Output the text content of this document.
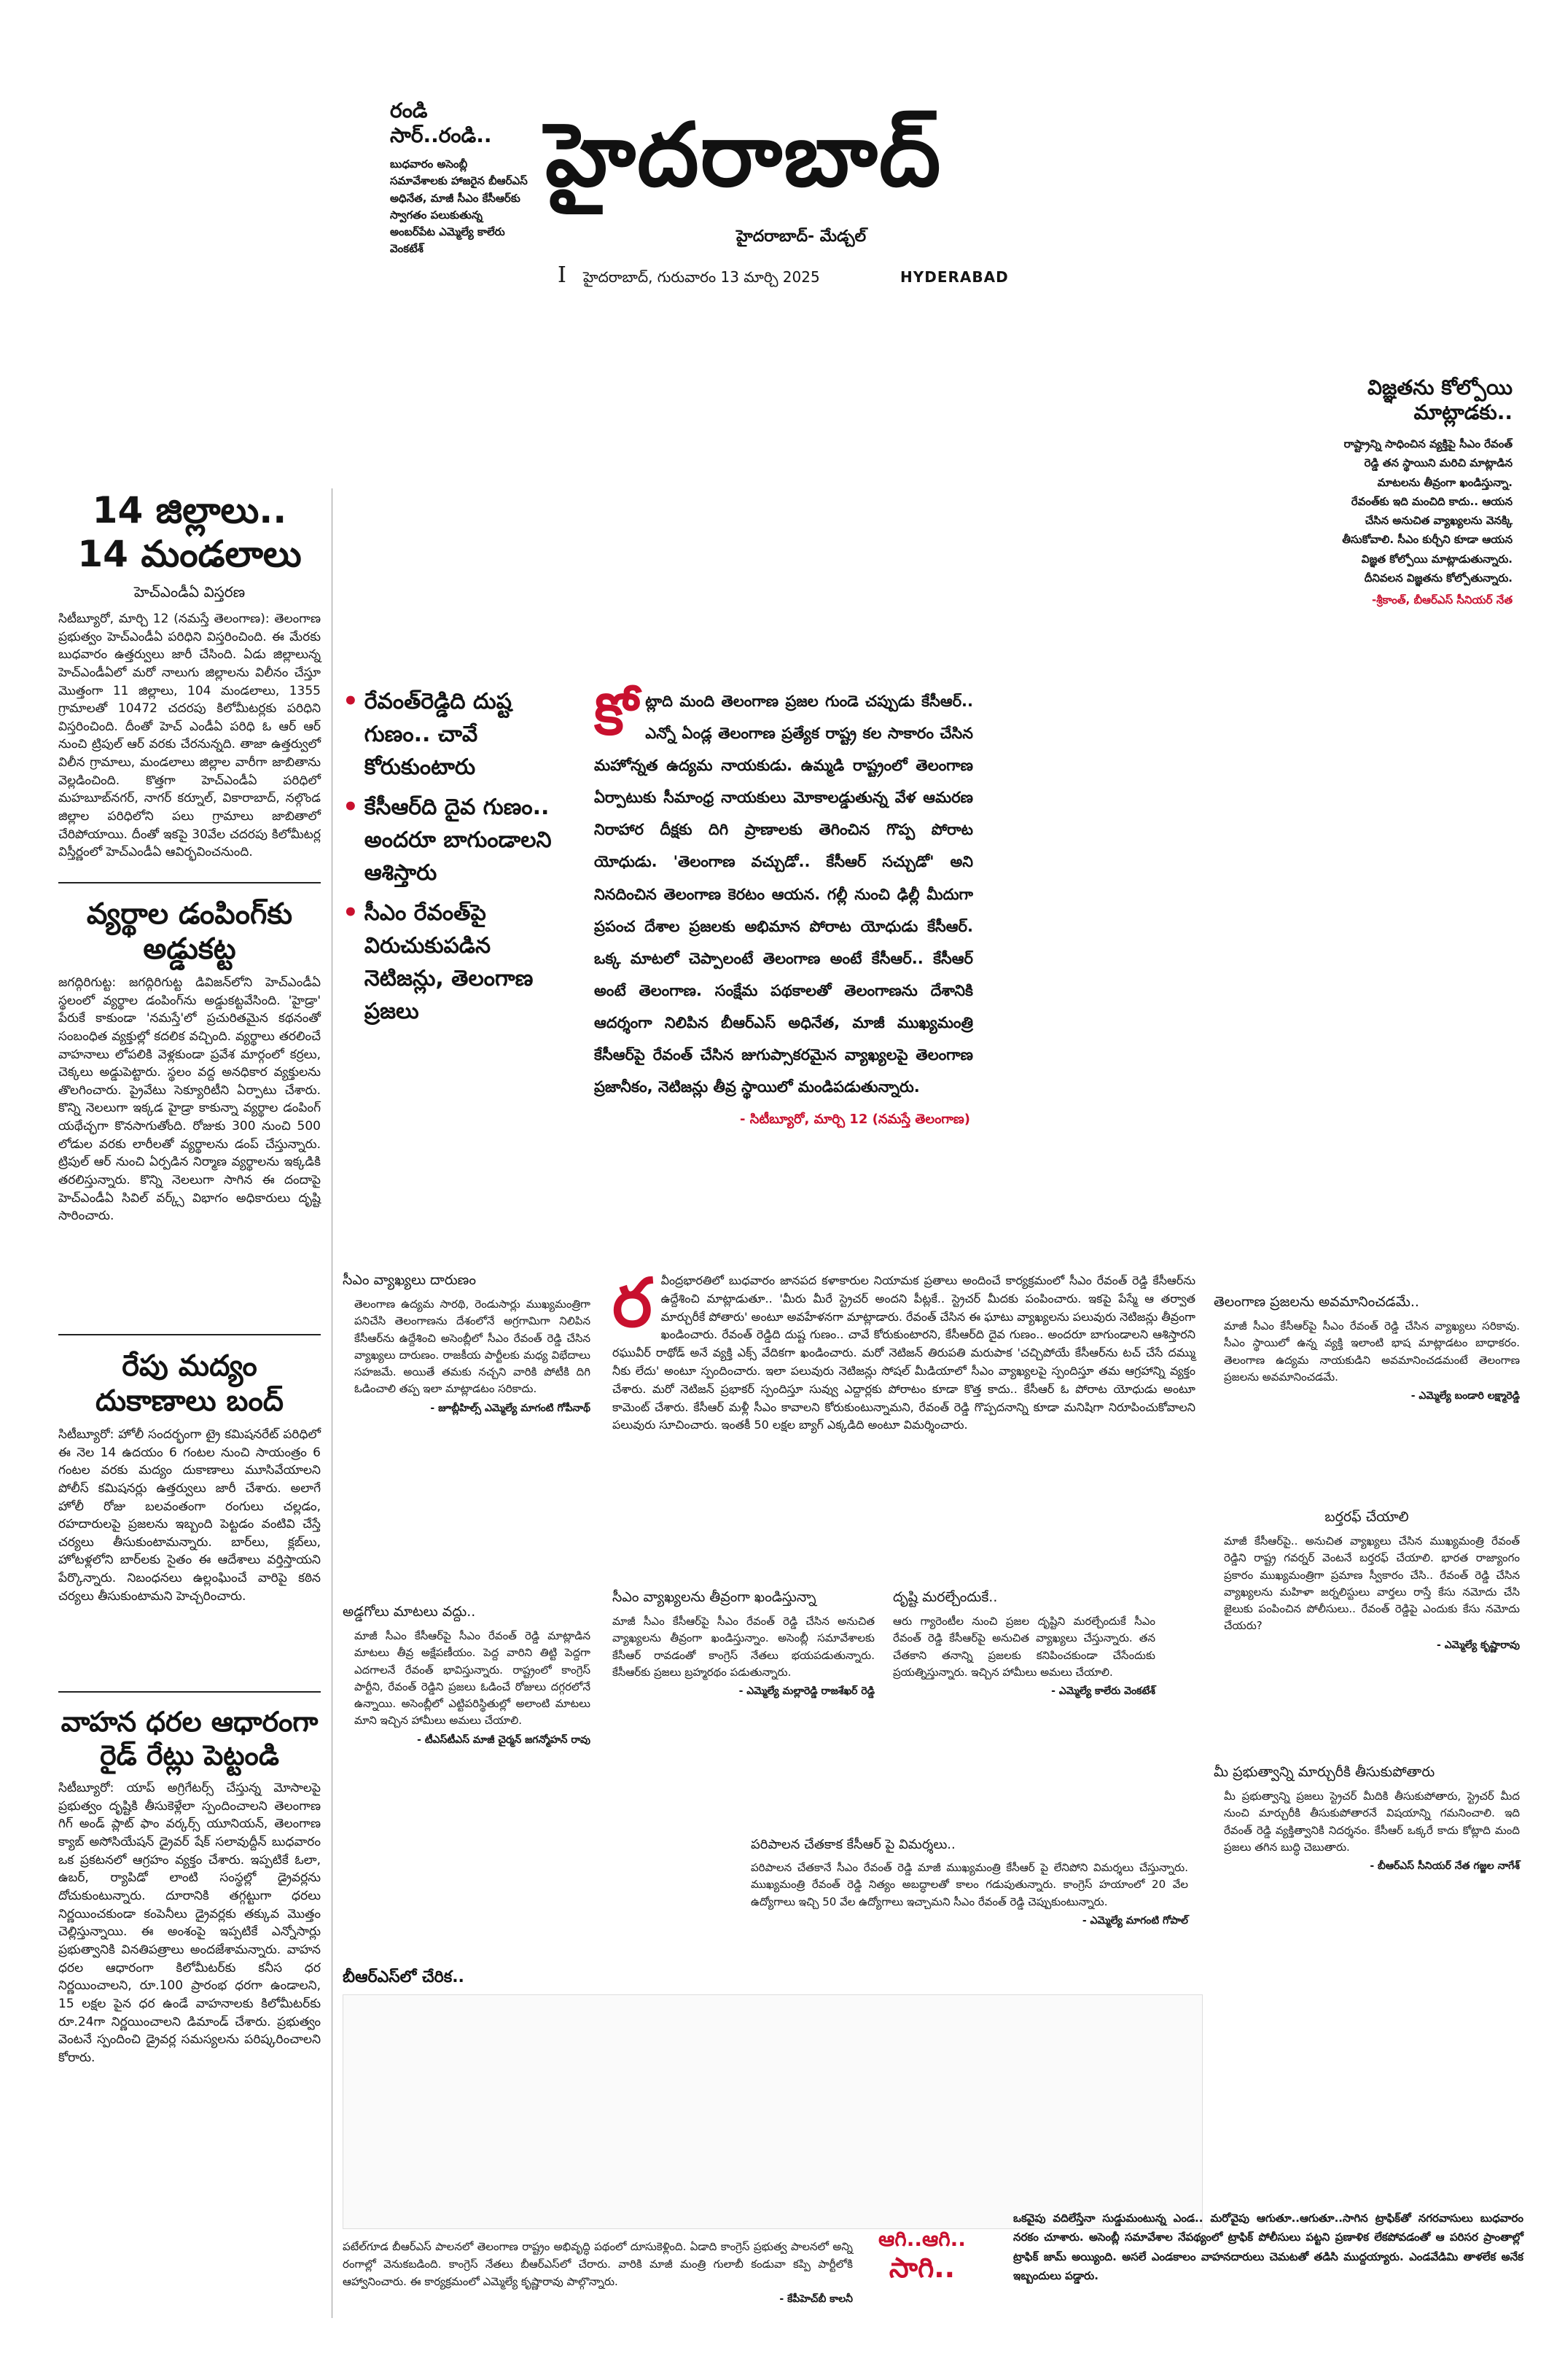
రండి
సార్..రండి..
బుధవారం అసెంబ్లీ సమావేశాలకు హాజరైన బీఆర్‌ఎస్‌ అధినేత, మాజీ సీఎం కేసీఆర్‌కు స్వాగతం పలుకుతున్న అంబర్‌పేట ఎమ్మెల్యే కాలేరు వెంకటేశ్‌
హైదరాబాద్
హైదరాబాద్- మేడ్చల్
I హైదరాబాద్, గురువారం 13 మార్చి 2025	HYDERABAD
విజ్ఞతను కోల్పోయి
మాట్లాడకు..
రాష్ట్రాన్ని సాధించిన వ్యక్తిపై సీఎం రేవంత్ రెడ్డి తన స్థాయిని మరిచి మాట్లాడిన మాటలను తీవ్రంగా ఖండిస్తున్నా. రేవంత్‌కు ఇది మంచిది కాదు.. ఆయన చేసిన అనుచిత వ్యాఖ్యలను వెనక్కి తీసుకోవాలి. సీఎం కుర్చీని కూడా ఆయన విజ్ఞత కోల్పోయి మాట్లాడుతున్నారు. దీనివలన విజ్ఞతను కోల్పోతున్నారు.
-శ్రీకాంత్, బీఆర్ఎస్ సీనియర్ నేత
14 జిల్లాలు..
14 మండలాలు
హెచ్ఎండీఏ విస్తరణ
సిటీబ్యూరో, మార్చి 12 (నమస్తే తెలంగాణ): తెలంగాణ ప్రభుత్వం హెచ్ఎండీఏ పరిధిని విస్తరించింది. ఈ మేరకు బుధవారం ఉత్తర్వులు జారీ చేసింది. ఏడు జిల్లాలున్న హెచ్ఎండీఏలో మరో నాలుగు జిల్లాలను విలీనం చేస్తూ మొత్తంగా 11 జిల్లాలు, 104 మండలాలు, 1355 గ్రామాలతో 10472 చదరపు కిలోమీటర్లకు పరిధిని విస్తరించింది. దీంతో హెచ్ ఎండీఏ పరిధి ఓ ఆర్ ఆర్ నుంచి ట్రిపుల్ ఆర్ వరకు చేరనున్నది. తాజా ఉత్తర్వులో విలీన గ్రామాలు, మండలాలు జిల్లాల వారీగా జాబితాను వెల్లడించింది. కొత్తగా హెచ్ఎండీఏ పరిధిలో మహబూబ్‌నగర్, నాగర్ కర్నూల్, వికారాబాద్, నల్గొండ జిల్లాల పరిధిలోని పలు గ్రామాలు జాబితాలో చేరిపోయాయి. దీంతో ఇకపై 30వేల చదరపు కిలోమీటర్ల విస్తీర్ణంలో హెచ్ఎండీఏ ఆవిర్భవించనుంది.
వ్యర్థాల డంపింగ్‌కు
అడ్డుకట్ట
జగద్గిరిగుట్ట: జగద్గిరిగుట్ట డివిజన్‌లోని హెచ్ఎండీఏ స్థలంలో వ్యర్థాల డంపింగ్‌ను అడ్డుకట్టవేసింది. 'హైడ్రా' పేరుకే కాకుండా 'నమస్తే'లో ప్రచురితమైన కథనంతో సంబంధిత వ్యక్తుల్లో కదలిక వచ్చింది. వ్యర్థాలు తరలించే వాహనాలు లోపలికి వెళ్లకుండా ప్రవేశ మార్గంలో కర్రలు, చెక్కలు అడ్డుపెట్టారు. స్థలం వద్ద అనధికార వ్యక్తులను తొలగించారు. ప్రైవేటు సెక్యూరిటీని ఏర్పాటు చేశారు. కొన్ని నెలలుగా ఇక్కడ హైడ్రా కాకున్నా వ్యర్థాల డంపింగ్ యథేచ్ఛగా కొనసాగుతోంది. రోజుకు 300 నుంచి 500 లోడుల వరకు లారీలతో వ్యర్థాలను డంప్ చేస్తున్నారు. ట్రిపుల్ ఆర్ నుంచి ఏర్పడిన నిర్మాణ వ్యర్థాలను ఇక్కడికి తరలిస్తున్నారు. కొన్ని నెలలుగా సాగిన ఈ దందాపై హెచ్ఎండీఏ సివిల్ వర్క్స్ విభాగం అధికారులు దృష్టి సారించారు.
రేపు మద్యం
దుకాణాలు బంద్
సిటీబ్యూరో: హోలీ సందర్భంగా ట్రై కమిషనరేట్ పరిధిలో ఈ నెల 14 ఉదయం 6 గంటల నుంచి సాయంత్రం 6 గంటల వరకు మద్యం దుకాణాలు మూసివేయాలని పోలీస్ కమిషనర్లు ఉత్తర్వులు జారీ చేశారు. అలాగే హోలీ రోజు బలవంతంగా రంగులు చల్లడం, రహదారులపై ప్రజలను ఇబ్బంది పెట్టడం వంటివి చేస్తే చర్యలు తీసుకుంటామన్నారు. బార్‌లు, క్లబ్‌లు, హోటళ్ల‌లోని బార్‌లకు సైతం ఈ ఆదేశాలు వర్తిస్తాయని పేర్కొన్నారు. నిబంధనలు ఉల్లంఘించే వారిపై కఠిన చర్యలు తీసుకుంటామని హెచ్చరించారు.
వాహన ధరల ఆధారంగా
రైడ్ రేట్లు పెట్టండి
సిటీబ్యూరో: యాప్ అగ్రిగేటర్స్ చేస్తున్న మోసాలపై ప్రభుత్వం దృష్టికి తీసుకెళ్లేలా స్పందించాలని తెలంగాణ గిగ్ అండ్ ప్లాట్ ఫాం వర్కర్స్ యూనియన్, తెలంగాణ క్యాబ్ అసోసియేషన్ డ్రైవర్ షేక్ సలావుద్దీన్ బుధవారం ఒక ప్రకటనలో ఆగ్రహం వ్యక్తం చేశారు. ఇప్పటికే ఓలా, ఉబర్, ర్యాపిడో లాంటి సంస్థల్లో డ్రైవర్లను దోచుకుంటున్నారు. దూరానికి తగ్గట్టుగా ధరలు నిర్ణయించకుండా కంపెనీలు డ్రైవర్లకు తక్కువ మొత్తం చెల్లిస్తున్నాయి. ఈ అంశంపై ఇప్పటికే ఎన్నోసార్లు ప్రభుత్వానికి వినతిపత్రాలు అందజేశామన్నారు. వాహన ధరల ఆధారంగా కిలోమీటర్‌కు కనీస ధర నిర్ణయించాలని, రూ.100 ప్రారంభ ధరగా ఉండాలని, 15 లక్షల పైన ధర ఉండే వాహనాలకు కిలోమీటర్‌కు రూ.24గా నిర్ణయించాలని డిమాండ్ చేశారు. ప్రభుత్వం వెంటనే స్పందించి డ్రైవర్ల సమస్యలను పరిష్కరించాలని కోరారు.
• రేవంత్‌రెడ్డిది దుష్ట గుణం.. చావే కోరుకుంటారు
• కేసీఆర్‌ది దైవ గుణం.. అందరూ బాగుండాలని ఆశిస్తారు
• సీఎం రేవంత్‌పై విరుచుకుపడిన నెటిజన్లు, తెలంగాణ ప్రజలు
కో ట్లాది మంది తెలంగాణ ప్రజల గుండె చప్పుడు కేసీఆర్.. ఎన్నో ఏండ్ల తెలంగాణ ప్రత్యేక రాష్ట్ర కల సాకారం చేసిన మహోన్నత ఉద్యమ నాయకుడు. ఉమ్మడి రాష్ట్రంలో తెలంగాణ ఏర్పాటుకు సీమాంధ్ర నాయకులు మోకాలడ్డుతున్న వేళ ఆమరణ నిరాహార దీక్షకు దిగి ప్రాణాలకు తెగించిన గొప్ప పోరాట యోధుడు. 'తెలంగాణ వచ్చుడో.. కేసీఆర్ సచ్చుడో' అని నినదించిన తెలంగాణ కెరటం ఆయన. గల్లీ నుంచి ఢిల్లీ మీదుగా ప్రపంచ దేశాల ప్రజలకు అభిమాన పోరాట యోధుడు కేసీఆర్. ఒక్క మాటలో చెప్పాలంటే తెలంగాణ అంటే కేసీఆర్.. కేసీఆర్ అంటే తెలంగాణ. సంక్షేమ పథకాలతో తెలంగాణను దేశానికి ఆదర్శంగా నిలిపిన బీఆర్ఎస్ అధినేత, మాజీ ముఖ్యమంత్రి కేసీఆర్‌పై రేవంత్ చేసిన జుగుప్సాకరమైన వ్యాఖ్యలపై తెలంగాణ ప్రజానీకం, నెటిజన్లు తీవ్ర స్థాయిలో మండిపడుతున్నారు.
- సిటీబ్యూరో, మార్చి 12 (నమస్తే తెలంగాణ)
ర వీంద్రభారతిలో బుధవారం జానపద కళాకారుల నియామక ప్రతాలు అందించే కార్యక్రమంలో సీఎం రేవంత్ రెడ్డి కేసీఆర్‌ను ఉద్దేశించి మాట్లాడుతూ.. 'మీరు మీరే స్ట్రెచర్ అందని పీట్లకే.. స్ట్రెచర్ మీదకు పంపించారు. ఇకపై పేస్మే ఆ తర్వాత మార్చురీకే పోతారు' అంటూ అవహేళనగా మాట్లాడారు. రేవంత్ చేసిన ఈ ఘాటు వ్యాఖ్యలను పలువురు నెటిజన్లు తీవ్రంగా ఖండించారు. రేవంత్ రెడ్డిది దుష్ట గుణం.. చావే కోరుకుంటారని, కేసీఆర్‌ది దైవ గుణం.. అందరూ బాగుండాలని ఆశిస్తారని రఘువీర్ రాథోడ్ అనే వ్యక్తి ఎక్స్ వేదికగా ఖండించారు. మరో నెటిజన్ తిరుపతి మరుపాక 'చచ్చిపోయే కేసీఆర్‌ను టచ్ చేసే దమ్ము నీకు లేదు' అంటూ స్పందించారు. ఇలా పలువురు నెటిజన్లు సోషల్ మీడియాలో సీఎం వ్యాఖ్యలపై స్పందిస్తూ తమ ఆగ్రహాన్ని వ్యక్తం చేశారు. మరో నెటిజన్ ప్రభాకర్ స్పందిస్తూ సువ్వు ఎద్దార్లకు పోరాటం కూడా కొత్త కాదు.. కేసీఆర్ ఓ పోరాట యోధుడు అంటూ కామెంట్ చేశారు. కేసీఆర్ మళ్లీ సీఎం కావాలని కోరుకుంటున్నామని, రేవంత్ రెడ్డి గొప్పదనాన్ని కూడా మనిషిగా నిరూపించుకోవాలని పలువురు సూచించారు. ఇంతకీ 50 లక్షల బ్యాగ్ ఎక్కడిది అంటూ విమర్శించారు.
సీఎం వ్యాఖ్యలు దారుణం
తెలంగాణ ఉద్యమ సారథి, రెండుసార్లు ముఖ్యమంత్రిగా పనిచేసి తెలంగాణను దేశంలోనే అగ్రగామిగా నిలిపిన కేసీఆర్‌ను ఉద్దేశించి అసెంబ్లీలో సీఎం రేవంత్ రెడ్డి చేసిన వ్యాఖ్యలు దారుణం. రాజకీయ పార్టీలకు మధ్య విభేదాలు సహజమే. అయితే తమకు నచ్చని వారికి పోటీకి దిగి ఓడించాలి తప్ప ఇలా మాట్లాడటం సరికాదు.
- జూబ్లీహిల్స్ ఎమ్మెల్యే మాగంటి గోపీనాథ్
అడ్డగోలు మాటలు వద్దు..
మాజీ సీఎం కేసీఆర్‌పై సీఎం రేవంత్ రెడ్డి మాట్లాడిన మాటలు తీవ్ర అక్షేపణీయం. పెద్ద వారిని తిట్టి పెద్దగా ఎదగాలనే రేవంత్ భావిస్తున్నారు. రాష్ట్రంలో కాంగ్రెస్ పార్టీని, రేవంత్ రెడ్డిని ప్రజలు ఓడించే రోజులు దగ్గరలోనే ఉన్నాయి. అసెంబ్లీలో ఎట్టిపరిస్థితుల్లో అలాంటి మాటలు మాని ఇచ్చిన హామీలు అమలు చేయాలి.
- టీఎస్‌టీఎస్ మాజీ చైర్మన్ జగన్మోహన్ రావు
సీఎం వ్యాఖ్యలను తీవ్రంగా ఖండిస్తున్నా
మాజీ సీఎం కేసీఆర్‌పై సీఎం రేవంత్ రెడ్డి చేసిన అనుచిత వ్యాఖ్యలను తీవ్రంగా ఖండిస్తున్నాం. అసెంబ్లీ సమావేశాలకు కేసీఆర్ రావడంతో కాంగ్రెస్ నేతలు భయపడుతున్నారు. కేసీఆర్‌కు ప్రజలు బ్రహ్మరథం పడుతున్నారు.
- ఎమ్మెల్యే మల్లారెడ్డి రాజశేఖర్ రెడ్డి
దృష్టి మరల్చేందుకే..
ఆరు గ్యారెంటీల నుంచి ప్రజల దృష్టిని మరల్చేందుకే సీఎం రేవంత్ రెడ్డి కేసీఆర్‌పై అనుచిత వ్యాఖ్యలు చేస్తున్నారు. తన చేతకాని తనాన్ని ప్రజలకు కనిపించకుండా చేసేందుకు ప్రయత్నిస్తున్నారు. ఇచ్చిన హామీలు అమలు చేయాలి.
- ఎమ్మెల్యే కాలేరు వెంకటేశ్
తెలంగాణ ప్రజలను అవమానించడమే..
మాజీ సీఎం కేసీఆర్‌పై సీఎం రేవంత్ రెడ్డి చేసిన వ్యాఖ్యలు సరికావు. సీఎం స్థాయిలో ఉన్న వ్యక్తి ఇలాంటి భాష మాట్లాడటం బాధాకరం. తెలంగాణ ఉద్యమ నాయకుడిని అవమానించడమంటే తెలంగాణ ప్రజలను అవమానించడమే.
- ఎమ్మెల్యే బండారి లక్ష్మారెడ్డి
బర్తరఫ్ చేయాలి
మాజీ కేసీఆర్‌పై.. అనుచిత వ్యాఖ్యలు చేసిన ముఖ్యమంత్రి రేవంత్ రెడ్డిని రాష్ట్ర గవర్నర్ వెంటనే బర్తరఫ్ చేయాలి. భారత రాజ్యాంగం ప్రకారం ముఖ్యమంత్రిగా ప్రమాణ స్వీకారం చేసి.. రేవంత్ రెడ్డి చేసిన వ్యాఖ్యలను మహిళా జర్నలిస్టులు వార్తలు రాస్తే కేసు నమోదు చేసి జైలుకు పంపించిన పోలీసులు.. రేవంత్ రెడ్డిపై ఎందుకు కేసు నమోదు చేయరు?
- ఎమ్మెల్యే కృష్ణారావు
మీ ప్రభుత్వాన్ని మార్చురీకి తీసుకుపోతారు
మీ ప్రభుత్వాన్ని ప్రజలు స్ట్రెచర్ మీదికి తీసుకుపోతారు, స్ట్రెచర్ మీద నుంచి మార్చురీకి తీసుకుపోతారనే విషయాన్ని గమనించాలి. ఇది రేవంత్ రెడ్డి వ్యక్తిత్వానికి నిదర్శనం. కేసీఆర్ ఒక్కరే కాదు కోట్లాది మంది ప్రజలు తగిన బుద్ధి చెబుతారు.
- బీఆర్‌ఎస్ సీనియర్ నేత గజ్జల నాగేశ్
పరిపాలన చేతకాక కేసీఆర్ పై విమర్శలు..
పరిపాలన చేతకానే సీఎం రేవంత్ రెడ్డి మాజీ ముఖ్యమంత్రి కేసీఆర్ పై లేనిపోని విమర్శలు చేస్తున్నారు. ముఖ్యమంత్రి రేవంత్ రెడ్డి నిత్యం అబద్ధాలతో కాలం గడుపుతున్నారు. కాంగ్రెస్ హయాంలో 20 వేల ఉద్యోగాలు ఇచ్చి 50 వేల ఉద్యోగాలు ఇచ్చామని సీఎం రేవంత్ రెడ్డి చెప్పుకుంటున్నారు.
- ఎమ్మెల్యే మాగంటి గోపాల్
బీఆర్‌ఎస్‌లో చేరిక..
పటేల్‌గూడ బీఆర్‌ఎస్ పాలనలో తెలంగాణ రాష్ట్రం అభివృద్ధి పథంలో దూసుకెళ్లింది. ఏడాది కాంగ్రెస్ ప్రభుత్వ పాలనలో అన్ని రంగాల్లో వెనుకబడింది. కాంగ్రెస్ నేతలు బీఆర్ఎస్‌లో చేరారు. వారికి మాజీ మంత్రి గులాబీ కండువా కప్పి పార్టీలోకి ఆహ్వానించారు. ఈ కార్యక్రమంలో ఎమ్మెల్యే కృష్ణారావు పాల్గొన్నారు.
- కేపీహెచ్‌బీ కాలనీ
ఆగి..ఆగి..
సాగి..
ఒకవైపు వదిలేస్తేనా సుడ్డుమంటున్న ఎండ.. మరోవైపు ఆగుతూ..ఆగుతూ..సాగిన ట్రాఫిక్‌తో నగరవాసులు బుధవారం నరకం చూశారు. అసెంబ్లీ సమావేశాల నేపథ్యంలో ట్రాఫిక్ పోలీసులు పట్టని ప్రణాళిక లేకపోవడంతో ఆ పరిసర ప్రాంతాల్లో ట్రాఫిక్ జామ్ అయ్యింది. అసలే ఎండకాలం వాహనదారులు చెమటతో తడిసి ముద్దయ్యారు. ఎండవేడిమి తాళలేక అనేక ఇబ్బందులు పడ్డారు.
